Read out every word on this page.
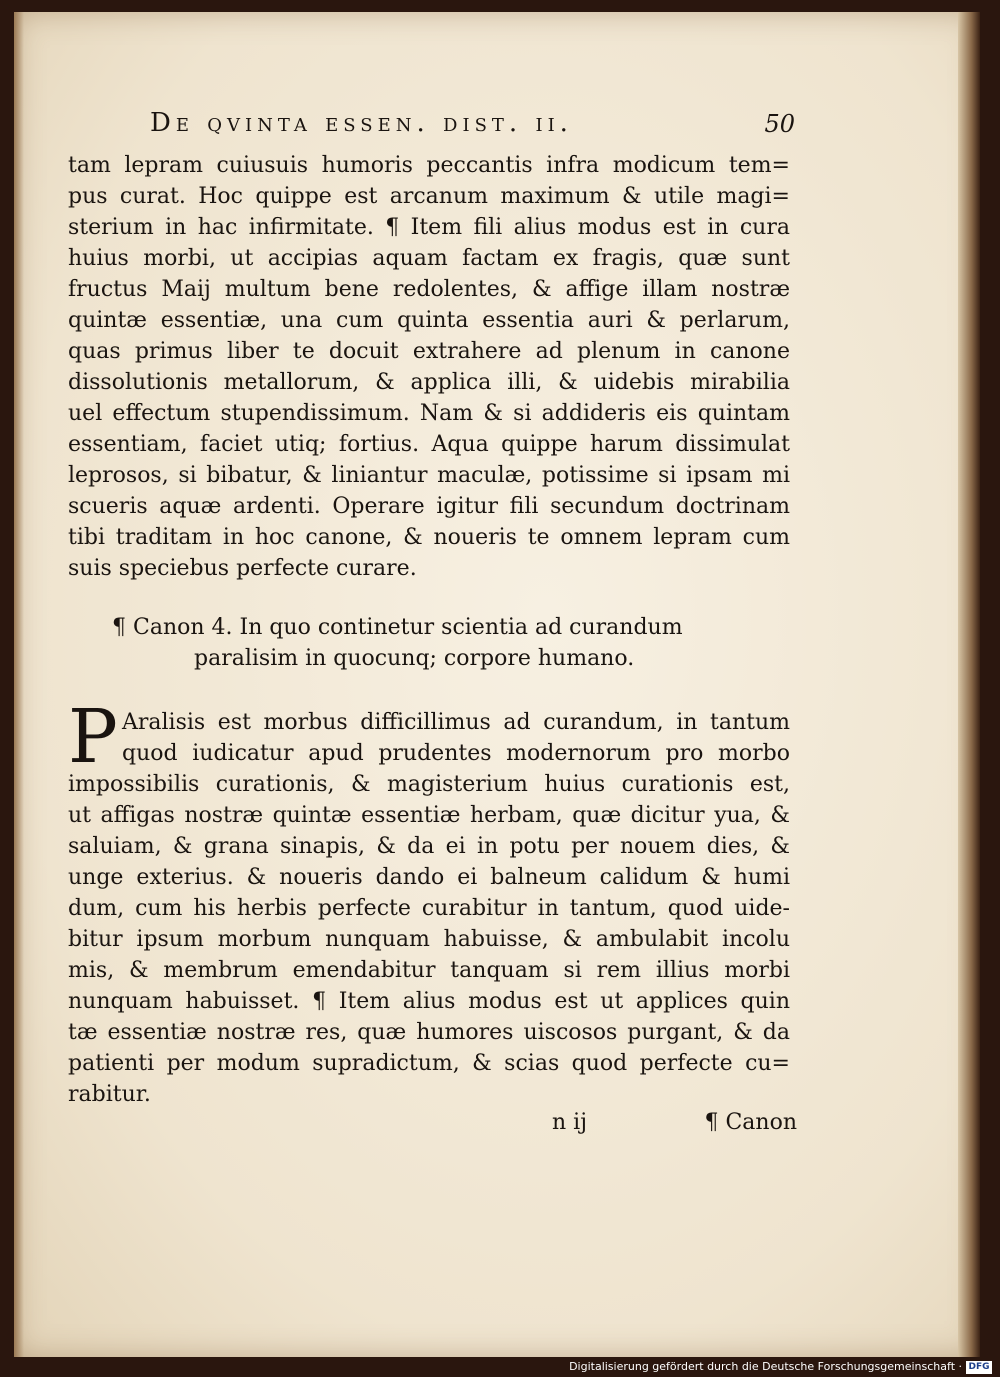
De qvinta essen. dist. ii.	50
tam lepram cuiusuis humoris peccantis infra modicum tem=
pus curat. Hoc quippe est arcanum maximum & utile magi=
sterium in hac infirmitate. ¶ Item fili alius modus est in cura
huius morbi, ut accipias aquam factam ex fragis, quæ sunt
fructus Maij multum bene redolentes, & affige illam nostræ
quintæ essentiæ, una cum quinta essentia auri & perlarum,
quas primus liber te docuit extrahere ad plenum in canone
dissolutionis metallorum, & applica illi, & uidebis mirabilia
uel effectum stupendissimum. Nam & si addideris eis quintam
essentiam, faciet utiq; fortius. Aqua quippe harum dissimulat
leprosos, si bibatur, & liniantur maculæ, potissime si ipsam mi
scueris aquæ ardenti. Operare igitur fili secundum doctrinam
tibi traditam in hoc canone, & noueris te omnem lepram cum
suis speciebus perfecte curare.
¶ Canon 4. In quo continetur scientia ad curandum
paralisim in quocunq; corpore humano.
P Aralisis est morbus difficillimus ad curandum, in tantum
quod iudicatur apud prudentes modernorum pro morbo
impossibilis curationis, & magisterium huius curationis est,
ut affigas nostræ quintæ essentiæ herbam, quæ dicitur yua, &
saluiam, & grana sinapis, & da ei in potu per nouem dies, &
unge exterius. & noueris dando ei balneum calidum & humi
dum, cum his herbis perfecte curabitur in tantum, quod uide-
bitur ipsum morbum nunquam habuisse, & ambulabit incolu
mis, & membrum emendabitur tanquam si rem illius morbi
nunquam habuisset. ¶ Item alius modus est ut applices quin
tæ essentiæ nostræ res, quæ humores uiscosos purgant, & da
patienti per modum supradictum, & scias quod perfecte cu=
rabitur.
n ij	¶ Canon
Digitalisierung gefördert durch die Deutsche Forschungsgemeinschaft · DFG
